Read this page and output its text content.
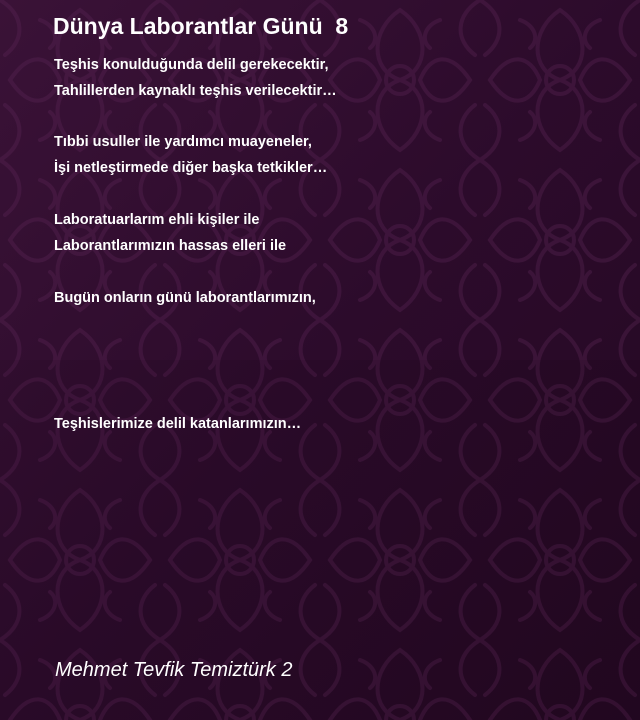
Dünya Laborantlar Günü  8
Teşhis konulduğunda delil gerekecektir,
Tahlillerden kaynaklı teşhis verilecektir…
Tıbbi usuller ile yardımcı muayeneler,
İşi netleştirmede diğer başka tetkikler…
Laboratuarlarım ehli kişiler ile
Laborantlarımızın hassas elleri ile
Bugün onların günü laborantlarımızın,
Teşhislerimize delil katanlarımızın…
Mehmet Tevfik Temiztürk 2
